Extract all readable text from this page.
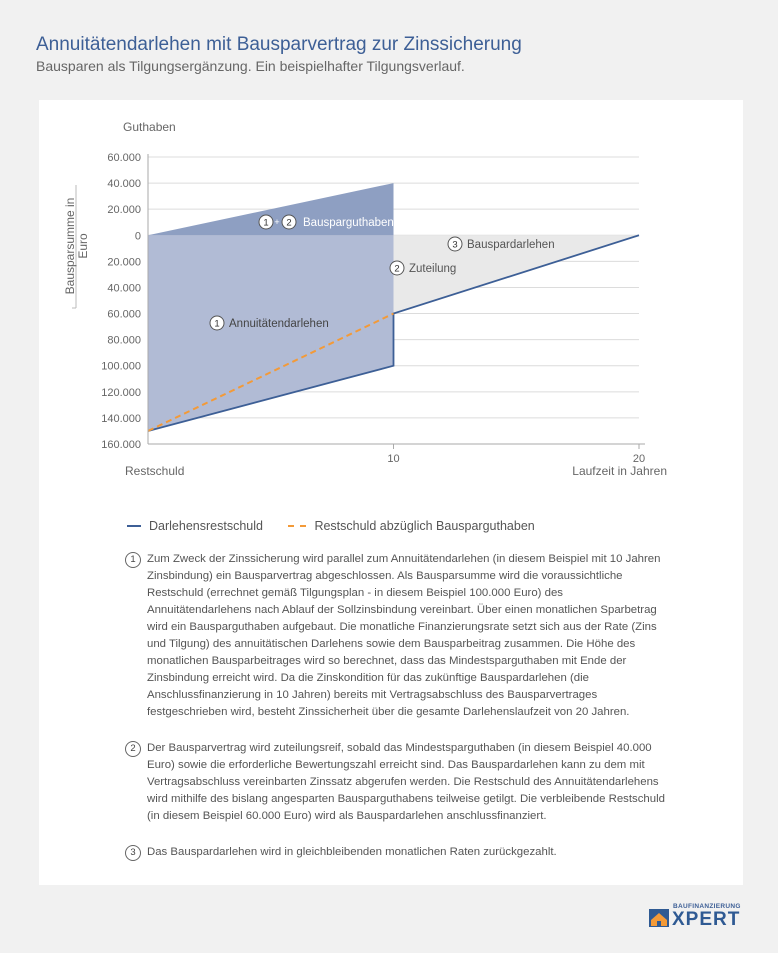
Annuitätendarlehen mit Bausparvertrag zur Zinssicherung
Bausparen als Tilgungsergänzung. Ein beispielhafter Tilgungsverlauf.
60.000
40.000
20.000
0
20.000
40.000
60.000
80.000
100.000
120.000
140.000
160.000
Guthaben
Bausparsumme inEuro
Restschuld
10	20
Laufzeit in Jahren
1 + 2 Bausparguthaben
3 Bauspardarlehen
2 Zuteilung
1 Annuitätendarlehen
Darlehensrestschuld
	Restschuld abzüglich Bausparguthaben
1 Zum Zweck der Zinssicherung wird parallel zum Annuitätendarlehen (in diesem Beispiel mit 10 Jahren Zinsbindung) ein Bausparvertrag abgeschlossen. Als Bausparsumme wird die voraussichtliche Restschuld (errechnet gemäß Tilgungsplan - in diesem Beispiel 100.000 Euro) des Annuitätendarlehens nach Ablauf der Sollzinsbindung vereinbart. Über einen monatlichen Sparbetrag wird ein Bausparguthaben aufgebaut. Die monatliche Finanzierungsrate setzt sich aus der Rate (Zins und Tilgung) des annuitätischen Darlehens sowie dem Bausparbeitrag zusammen. Die Höhe des monatlichen Bausparbeitrages wird so berechnet, dass das Mindestsparguthaben mit Ende der Zinsbindung erreicht wird. Da die Zinskondition für das zukünftige Bauspardarlehen (die Anschlussfinanzierung in 10 Jahren) bereits mit Vertragsabschluss des Bausparvertrages festgeschrieben wird, besteht Zinssicherheit über die gesamte Darlehenslaufzeit von 20 Jahren.
2 Der Bausparvertrag wird zuteilungsreif, sobald das Mindestsparguthaben (in diesem Beispiel 40.000 Euro) sowie die erforderliche Bewertungszahl erreicht sind. Das Bauspardarlehen kann zu dem mit Vertragsabschluss vereinbarten Zinssatz abgerufen werden. Die Restschuld des Annuitätendarlehens wird mithilfe des bislang angesparten Bausparguthabens teilweise getilgt. Die verbleibende Restschuld (in diesem Beispiel 60.000 Euro) wird als Bauspardarlehen anschlussfinanziert.
3 Das Bauspardarlehen wird in gleichbleibenden monatlichen Raten zurückgezahlt.
BAUFINANZIERUNG
XPERT
